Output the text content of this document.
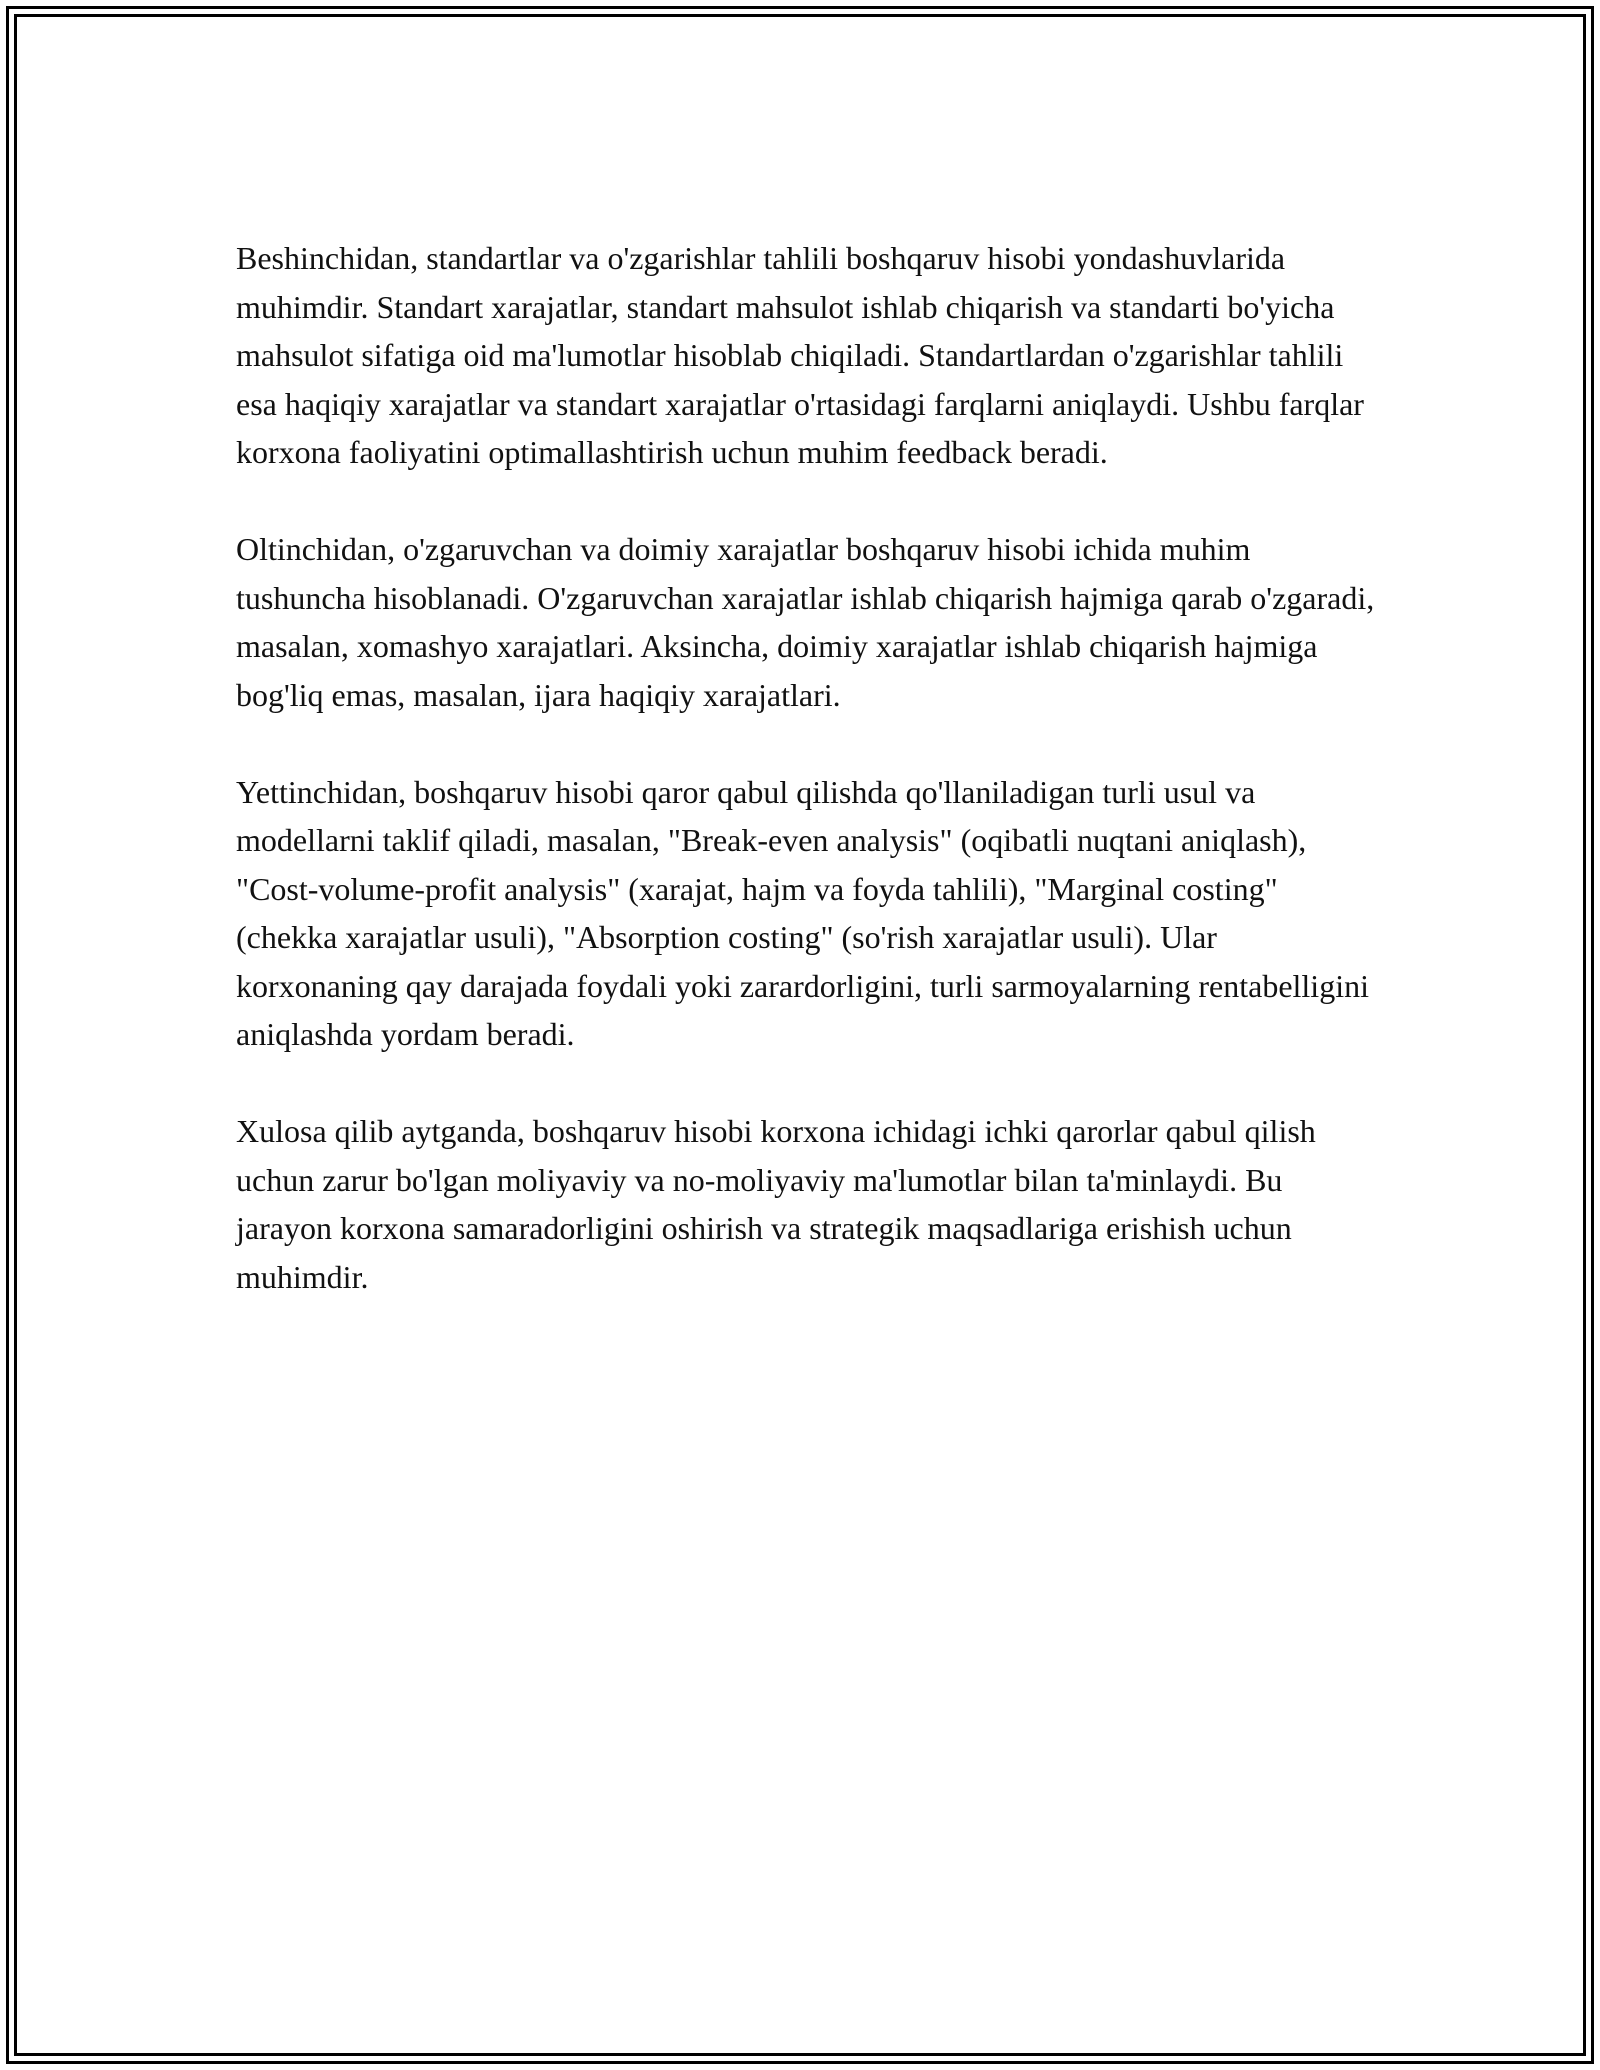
Beshinchidan, standartlar va o'zgarishlar tahlili boshqaruv hisobi yondashuvlarida muhimdir. Standart xarajatlar, standart mahsulot ishlab chiqarish va standarti bo'yicha mahsulot sifatiga oid ma'lumotlar hisoblab chiqiladi. Standartlardan o'zgarishlar tahlili esa haqiqiy xarajatlar va standart xarajatlar o'rtasidagi farqlarni aniqlaydi. Ushbu farqlar korxona faoliyatini optimallashtirish uchun muhim feedback beradi.

Oltinchidan, o'zgaruvchan va doimiy xarajatlar boshqaruv hisobi ichida muhim tushuncha hisoblanadi. O'zgaruvchan xarajatlar ishlab chiqarish hajmiga qarab o'zgaradi, masalan, xomashyo xarajatlari. Aksincha, doimiy xarajatlar ishlab chiqarish hajmiga bog'liq emas, masalan, ijara haqiqiy xarajatlari.

Yettinchidan, boshqaruv hisobi qaror qabul qilishda qo'llaniladigan turli usul va modellarni taklif qiladi, masalan, "Break-even analysis" (oqibatli nuqtani aniqlash), "Cost-volume-profit analysis" (xarajat, hajm va foyda tahlili), "Marginal costing" (chekka xarajatlar usuli), "Absorption costing" (so'rish xarajatlar usuli). Ular korxonaning qay darajada foydali yoki zarardorligini, turli sarmoyalarning rentabelligini aniqlashda yordam beradi.

Xulosa qilib aytganda, boshqaruv hisobi korxona ichidagi ichki qarorlar qabul qilish uchun zarur bo'lgan moliyaviy va no-moliyaviy ma'lumotlar bilan ta'minlaydi. Bu jarayon korxona samaradorligini oshirish va strategik maqsadlariga erishish uchun muhimdir.
